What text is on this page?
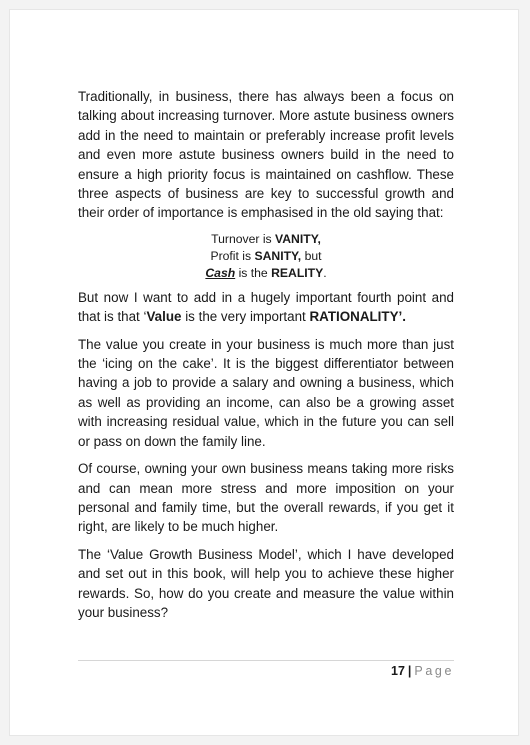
Traditionally, in business, there has always been a focus on talking about increasing turnover. More astute business owners add in the need to maintain or preferably increase profit levels and even more astute business owners build in the need to ensure a high priority focus is maintained on cashflow. These three aspects of business are key to successful growth and their order of importance is emphasised in the old saying that:

Turnover is VANITY,
Profit is SANITY, but
Cash is the REALITY.

But now I want to add in a hugely important fourth point and that is that ‘Value is the very important RATIONALITY’.

The value you create in your business is much more than just the ‘icing on the cake’. It is the biggest differentiator between having a job to provide a salary and owning a business, which as well as providing an income, can also be a growing asset with increasing residual value, which in the future you can sell or pass on down the family line.

Of course, owning your own business means taking more risks and can mean more stress and more imposition on your personal and family time, but the overall rewards, if you get it right, are likely to be much higher.

The ‘Value Growth Business Model’, which I have developed and set out in this book, will help you to achieve these higher rewards. So, how do you create and measure the value within your business?

17 | Page
